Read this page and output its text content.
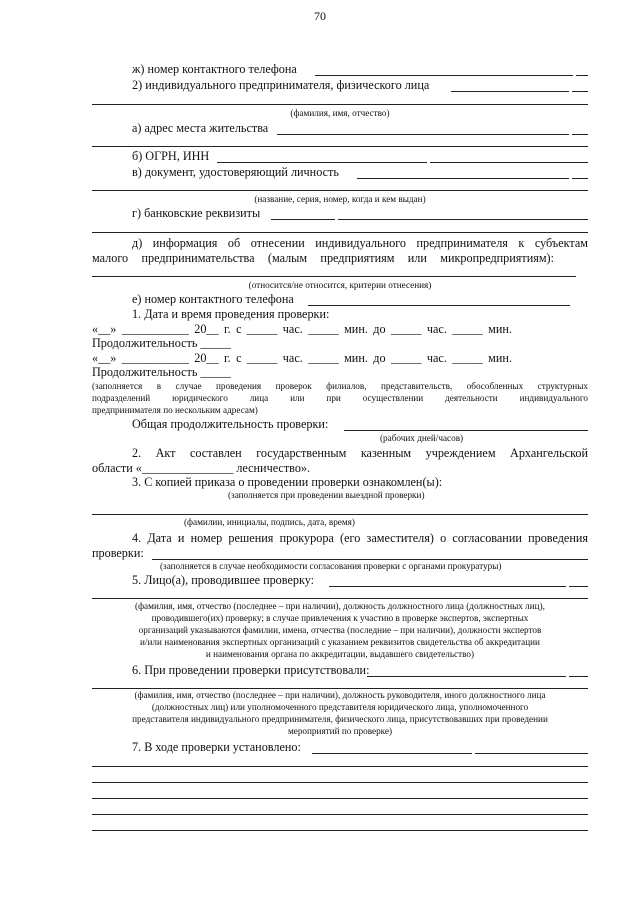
70
ж) номер контактного телефона
2) индивидуального предпринимателя, физического лица
(фамилия, имя, отчество)
а) адрес места жительства
б) ОГРН, ИНН
в) документ, удостоверяющий личность
(название, серия, номер, когда и кем выдан)
г) банковские реквизиты
д) информация об отнесении индивидуального предпринимателя к субъектам
малого предпринимательства (малым предприятиям или микропредприятиям):
(относится/не относится, критерии отнесения)
е) номер контактного телефона
1. Дата и время проведения проверки:
«__» ___________ 20__ г. с _____ час. _____ мин. до _____ час. _____ мин.
Продолжительность _____
«__» ___________ 20__ г. с _____ час. _____ мин. до _____ час. _____ мин.
Продолжительность _____
(заполняется в случае проведения проверок филиалов, представительств, обособленных структурных
подразделений юридического лица или при осуществлении деятельности индивидуального
предпринимателя по нескольким адресам)
Общая продолжительность проверки:
(рабочих дней/часов)
2. Акт составлен государственным казенным учреждением Архангельской
области «_______________ лесничество».
3. С копией приказа о проведении проверки ознакомлен(ы):
(заполняется при проведении выездной проверки)
(фамилии, инициалы, подпись, дата, время)
4. Дата и номер решения прокурора (его заместителя) о согласовании проведения
проверки:
(заполняется в случае необходимости согласования проверки с органами прокуратуры)
5. Лицо(а), проводившее проверку:
(фамилия, имя, отчество (последнее – при наличии), должность должностного лица (должностных лиц),
проводившего(их) проверку; в случае привлечения к участию в проверке экспертов, экспертных
организаций указываются фамилии, имена, отчества (последние – при наличии), должности экспертов
и/или наименования экспертных организаций с указанием реквизитов свидетельства об аккредитации
и наименования органа по аккредитации, выдавшего свидетельство)
6. При проведении проверки присутствовали:
(фамилия, имя, отчество (последнее – при наличии), должность руководителя, иного должностного лица
(должностных лиц) или уполномоченного представителя юридического лица, уполномоченного
представителя индивидуального предпринимателя, физического лица, присутствовавших при проведении
мероприятий по проверке)
7. В ходе проверки установлено:
